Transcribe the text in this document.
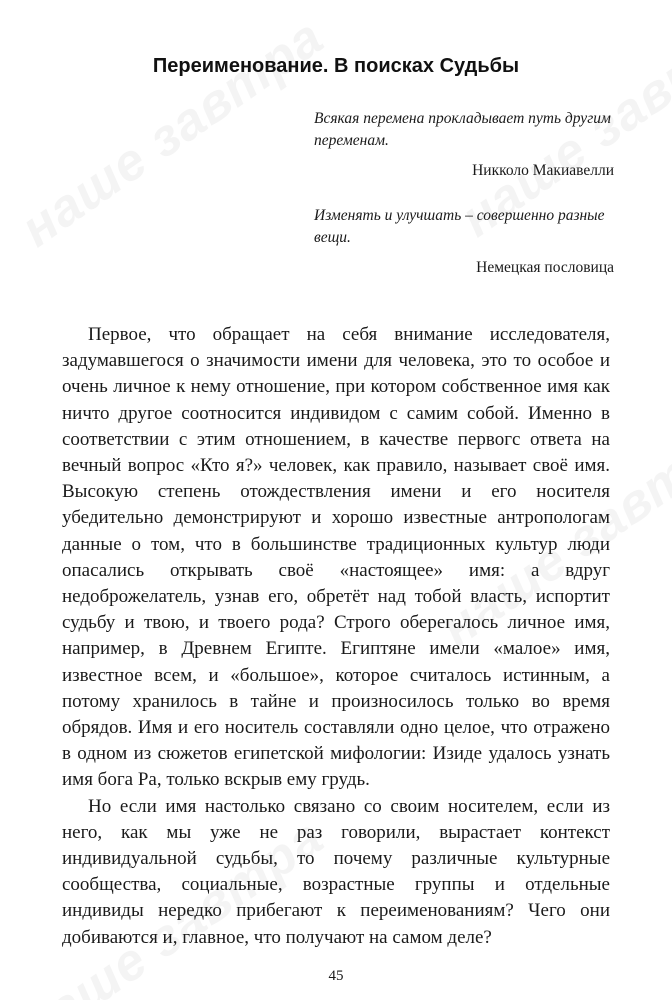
Переименование. В поисках Судьбы
Всякая перемена прокладывает путь другим переменам.
Никколо Макиавелли
Изменять и улучшать – совершенно разные вещи.
Немецкая пословица

Первое, что обращает на себя внимание исследователя, задумавшегося о значимости имени для человека, это то особое и очень личное к нему отношение, при котором собственное имя как ничто другое соотносится индивидом с самим собой. Именно в соответствии с этим отношением, в качестве первогс ответа на вечный вопрос «Кто я?» человек, как правило, называет своё имя. Высокую степень отождествления имени и его носителя убедительно демонстрируют и хорошо известные антропологам данные о том, что в большинстве традиционных культур люди опасались открывать своё «настоящее» имя: а вдруг недоброжелатель, узнав его, обретёт над тобой власть, испортит судьбу и твою, и твоего рода? Строго оберегалось личное имя, например, в Древнем Египте. Египтяне имели «малое» имя, известное всем, и «большое», которое считалось истинным, а потому хранилось в тайне и произносилось только во время обрядов. Имя и его носитель составляли одно целое, что отражено в одном из сюжетов египетской мифологии: Изиде удалось узнать имя бога Ра, только вскрыв ему грудь.

Но если имя настолько связано со своим носителем, если из него, как мы уже не раз говорили, вырастает контекст индивидуальной судьбы, то почему различные культурные сообщества, социальные, возрастные группы и отдельные индивиды нередко прибегают к переименованиям? Чего они добиваются и, главное, что получают на самом деле?

45
